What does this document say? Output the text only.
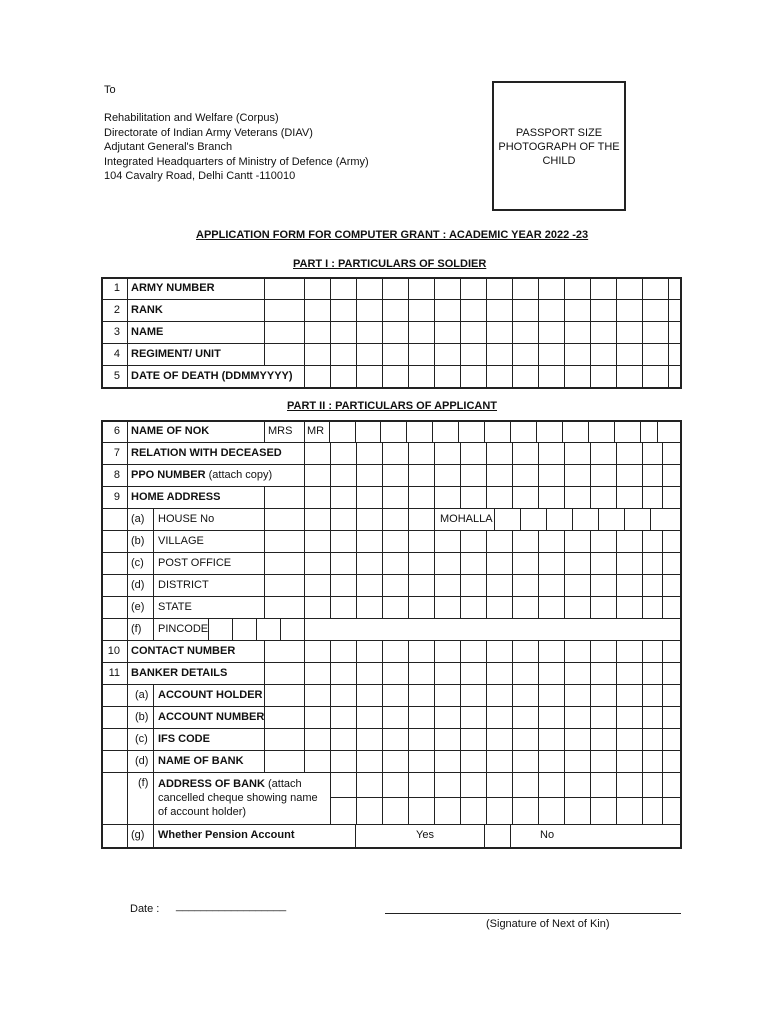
To
Rehabilitation and Welfare (Corpus)
Directorate of Indian Army Veterans (DIAV)
Adjutant General's Branch
Integrated Headquarters of Ministry of Defence (Army)
104 Cavalry Road, Delhi Cantt -110010
PASSPORT SIZE
PHOTOGRAPH OF THE
CHILD
APPLICATION FORM FOR COMPUTER GRANT : ACADEMIC YEAR 2022 -23
PART I : PARTICULARS OF SOLDIER
1 ARMY NUMBER
2 RANK
3 NAME
4 REGIMENT/ UNIT
5 DATE OF DEATH (DDMMYYYY)
PART II : PARTICULARS OF APPLICANT
6 NAME OF NOK	MRS MR
7 RELATION WITH DECEASED
8 PPO NUMBER (attach copy)
9 HOME ADDRESS
(a) HOUSE No	MOHALLA
(b) VILLAGE
(c) POST OFFICE
(d) DISTRICT
(e) STATE
(f) PINCODE
10 CONTACT NUMBER
11 BANKER DETAILS
(a) ACCOUNT HOLDER
(b) ACCOUNT NUMBER
(c) IFS CODE
(d) NAME OF BANK
(f) ADDRESS OF BANK (attach
cancelled cheque showing name
of account holder)
(g) Whether Pension Account	Yes	No
Date : __________________
(Signature of Next of Kin)
